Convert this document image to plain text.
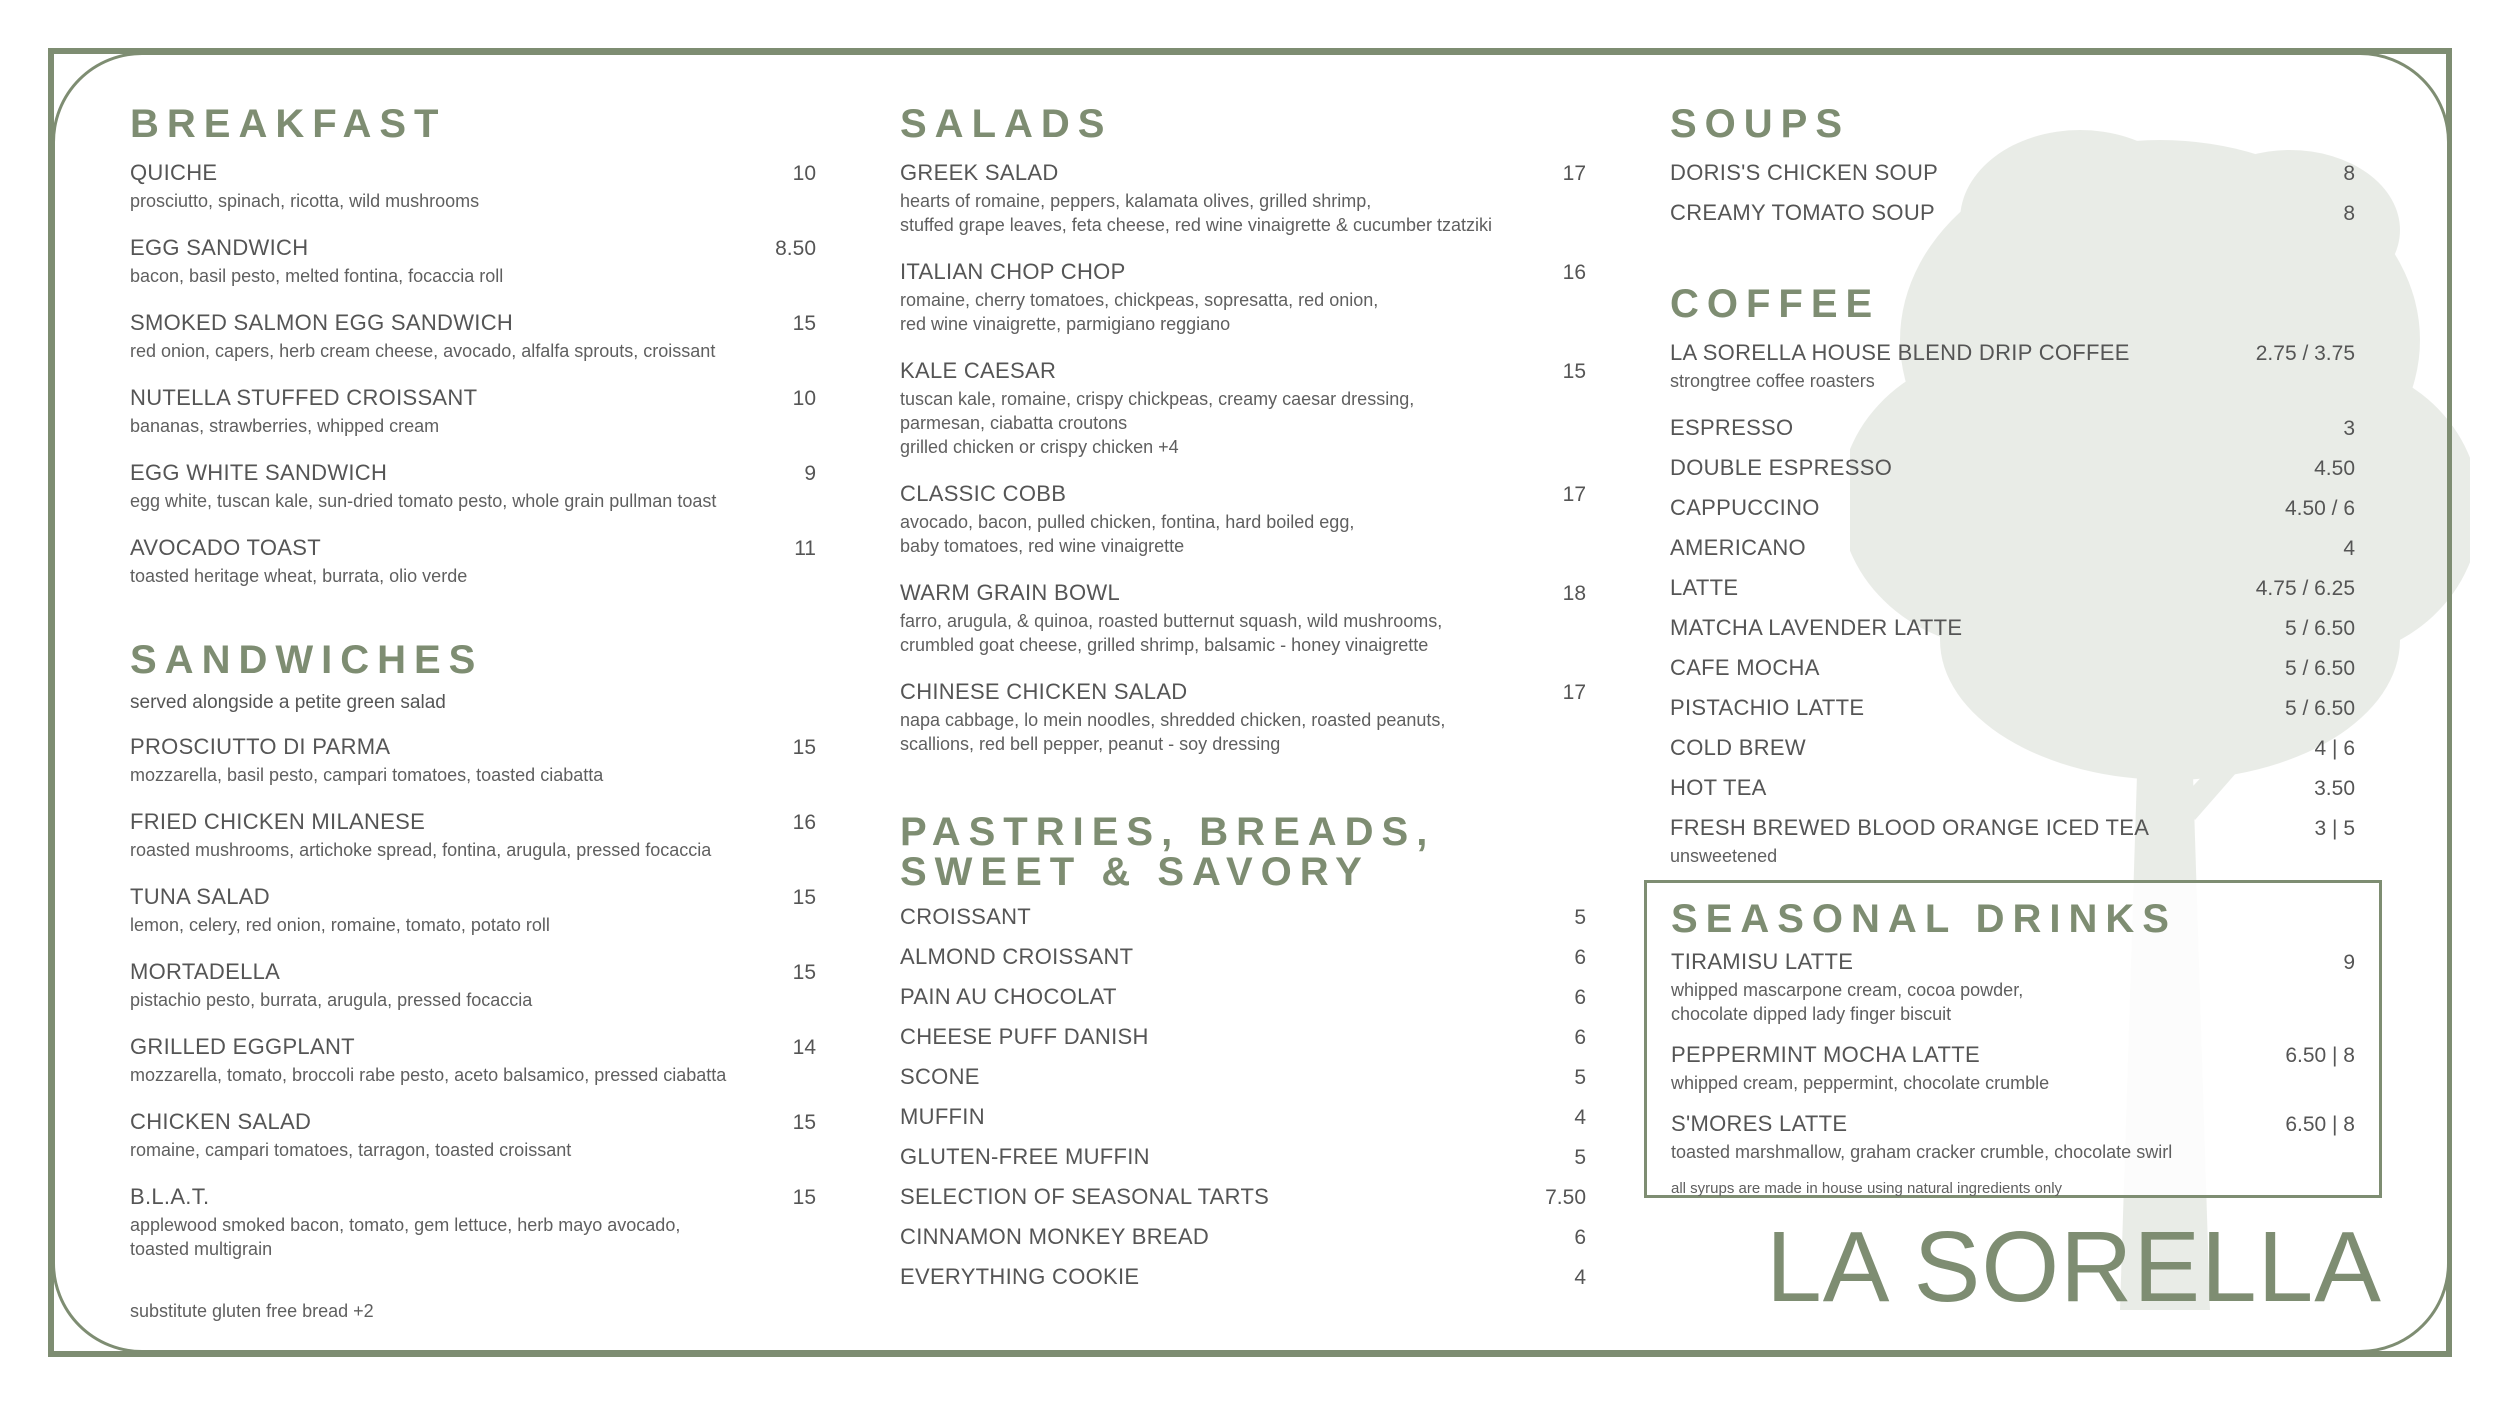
BREAKFAST
QUICHE	10
prosciutto, spinach, ricotta, wild mushrooms
EGG SANDWICH	8.50
bacon, basil pesto, melted fontina, focaccia roll
SMOKED SALMON EGG SANDWICH	15
red onion, capers, herb cream cheese, avocado, alfalfa sprouts, croissant
NUTELLA STUFFED CROISSANT	10
bananas, strawberries, whipped cream
EGG WHITE SANDWICH	9
egg white, tuscan kale, sun-dried tomato pesto, whole grain pullman toast
AVOCADO TOAST	11
toasted heritage wheat, burrata, olio verde
SANDWICHES
served alongside a petite green salad
PROSCIUTTO DI PARMA	15
mozzarella, basil pesto, campari tomatoes, toasted ciabatta
FRIED CHICKEN MILANESE	16
roasted mushrooms, artichoke spread, fontina, arugula, pressed focaccia
TUNA SALAD	15
lemon, celery, red onion, romaine, tomato, potato roll
MORTADELLA	15
pistachio pesto, burrata, arugula, pressed focaccia
GRILLED EGGPLANT	14
mozzarella, tomato, broccoli rabe pesto, aceto balsamico, pressed ciabatta
CHICKEN SALAD	15
romaine, campari tomatoes, tarragon, toasted croissant
B.L.A.T.	15
applewood smoked bacon, tomato, gem lettuce, herb mayo avocado,
toasted multigrain
substitute gluten free bread +2
SALADS
GREEK SALAD	17
hearts of romaine, peppers, kalamata olives, grilled shrimp,
stuffed grape leaves, feta cheese, red wine vinaigrette & cucumber tzatziki
ITALIAN CHOP CHOP	16
romaine, cherry tomatoes, chickpeas, sopresatta, red onion,
red wine vinaigrette, parmigiano reggiano
KALE CAESAR	15
tuscan kale, romaine, crispy chickpeas, creamy caesar dressing,
parmesan, ciabatta croutons
grilled chicken or crispy chicken +4
CLASSIC COBB	17
avocado, bacon, pulled chicken, fontina, hard boiled egg,
baby tomatoes, red wine vinaigrette
WARM GRAIN BOWL	18
farro, arugula, & quinoa, roasted butternut squash, wild mushrooms,
crumbled goat cheese, grilled shrimp, balsamic - honey vinaigrette
CHINESE CHICKEN SALAD	17
napa cabbage, lo mein noodles, shredded chicken, roasted peanuts,
scallions, red bell pepper, peanut - soy dressing
PASTRIES, BREADS,
SWEET & SAVORY
CROISSANT	5
ALMOND CROISSANT	6
PAIN AU CHOCOLAT	6
CHEESE PUFF DANISH	6
SCONE	5
MUFFIN	4
GLUTEN-FREE MUFFIN	5
SELECTION OF SEASONAL TARTS	7.50
CINNAMON MONKEY BREAD	6
EVERYTHING COOKIE	4
SOUPS
DORIS'S CHICKEN SOUP	8
CREAMY TOMATO SOUP	8
COFFEE
LA SORELLA HOUSE BLEND DRIP COFFEE	2.75 / 3.75
strongtree coffee roasters
ESPRESSO	3
DOUBLE ESPRESSO	4.50
CAPPUCCINO	4.50 / 6
AMERICANO	4
LATTE	4.75 / 6.25
MATCHA LAVENDER LATTE	5 / 6.50
CAFE MOCHA	5 / 6.50
PISTACHIO LATTE	5 / 6.50
COLD BREW	4 | 6
HOT TEA	3.50
FRESH BREWED BLOOD ORANGE ICED TEA	3 | 5
unsweetened
SEASONAL DRINKS
TIRAMISU LATTE	9
whipped mascarpone cream, cocoa powder,
chocolate dipped lady finger biscuit
PEPPERMINT MOCHA LATTE	6.50 | 8
whipped cream, peppermint, chocolate crumble
S'MORES LATTE	6.50 | 8
toasted marshmallow, graham cracker crumble, chocolate swirl
all syrups are made in house using natural ingredients only
LA SORELLA
